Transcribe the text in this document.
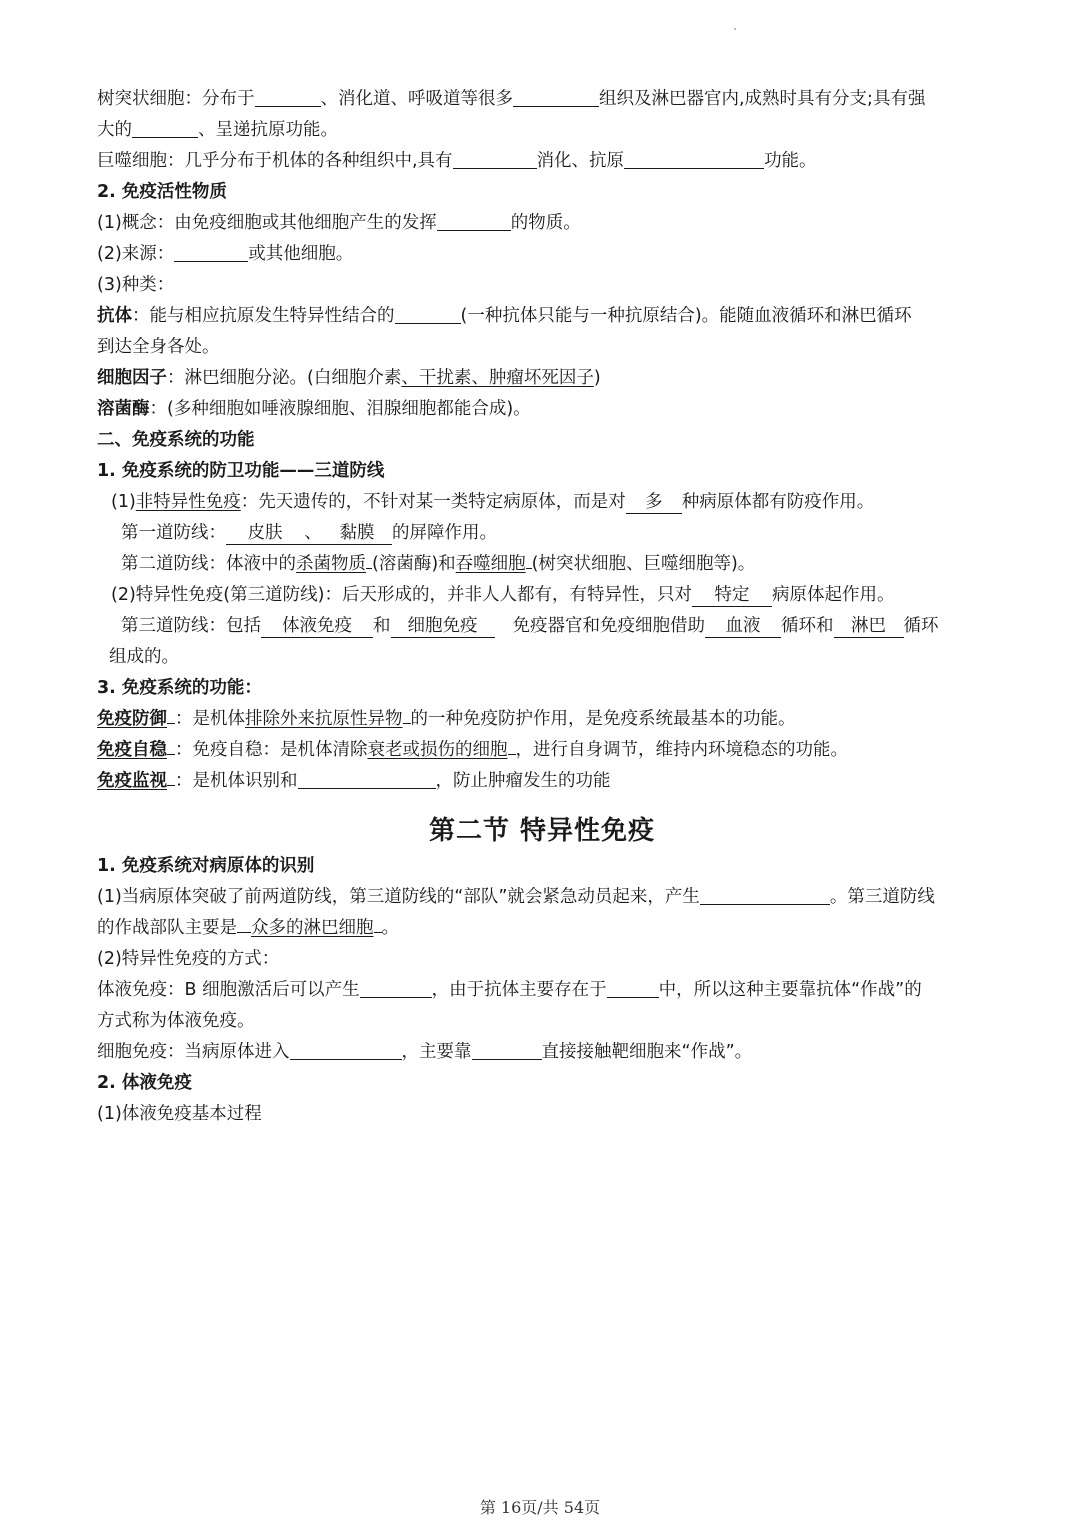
树突状细胞：分布于	、消化道、呼吸道等很多	组织及淋巴器官内,成熟时具有分支;具有强
大的	、呈递抗原功能。
巨噬细胞：几乎分布于机体的各种组织中,具有	消化、抗原	功能。
2. 免疫活性物质
(1)概念：由免疫细胞或其他细胞产生的发挥	的物质。
(2)来源：	或其他细胞。
(3)种类：
抗体：能与相应抗原发生特异性结合的	(一种抗体只能与一种抗原结合)。能随血液循环和淋巴循环
到达全身各处。
细胞因子：淋巴细胞分泌。(白细胞介素、干扰素、肿瘤坏死因子)
溶菌酶：(多种细胞如唾液腺细胞、泪腺细胞都能合成)。
二、免疫系统的功能
1. 免疫系统的防卫功能——三道防线
(1)非特异性免疫：先天遗传的，不针对某一类特定病原体，而是对 多 种病原体都有防疫作用。
第一道防线： 皮肤 、 黏膜 的屏障作用。
第二道防线：体液中的杀菌物质 (溶菌酶)和吞噬细胞 (树突状细胞、巨噬细胞等)。
(2)特异性免疫(第三道防线)：后天形成的，并非人人都有，有特异性，只对 特定 病原体起作用。
第三道防线：包括 体液免疫 和 细胞免疫 免疫器官和免疫细胞借助 血液 循环和 淋巴 循环
组成的。
3. 免疫系统的功能：
免疫防御 ：是机体排除外来抗原性异物 的一种免疫防护作用，是免疫系统最基本的功能。
免疫自稳 ：免疫自稳：是机体清除衰老或损伤的细胞 ，进行自身调节，维持内环境稳态的功能。
免疫监视 ：是机体识别和	，防止肿瘤发生的功能
第二节 特异性免疫
1. 免疫系统对病原体的识别
(1)当病原体突破了前两道防线，第三道防线的“部队”就会紧急动员起来，产生	。第三道防线
的作战部队主要是 众多的淋巴细胞 。
(2)特异性免疫的方式：
体液免疫：B 细胞激活后可以产生	，由于抗体主要存在于	中，所以这种主要靠抗体“作战”的
方式称为体液免疫。
细胞免疫：当病原体进入	，主要靠	直接接触靶细胞来“作战”。
2. 体液免疫
(1)体液免疫基本过程
第 16页/共 54页
